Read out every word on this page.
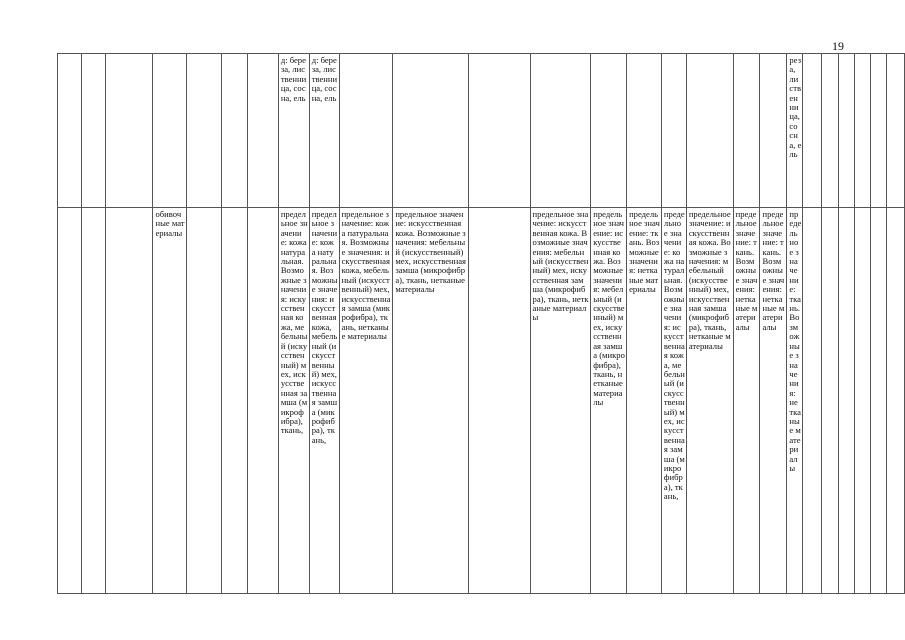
19
							д: береза, лиственница, сосна, ель	д: береза, лиственница, сосна, ель											реза, лиственница, сосна, ель						
			обивочные материалы				предельное значение: кожа натуральная. Возможные значения: искусственная кожа, мебельный (искусственный) мех, искусственная замша (микрофибра), ткань,	предельное значение: кожа натуральная. Возможные значения: искусственная кожа, мебельный (искусственный) мех, искусственная замша (микрофибра), ткань,	предельное значение: кожа патуральная. Возможные значения: искусственная кожа, мебельный (искусственный) мех, искусственная замша (микрофибра), ткань, нетканые материалы	предельное значение: искусственная кожа. Возможные значения: мебельный (искусственный) мех, искусственная замша (микрофибра), ткань, нетканые материалы		предельное значение: искусственная кожа. Возможные значения: мебельный (искусственный) мех, искусственная замша (микрофибра), ткань, нетканые материалы	предельное значение: искусственная кожа. Возможные значения: мебельный (искусственный) мех, искусственная замша (микрофибра), ткань, нетканые материалы	предельное значение: ткань. Возможные значения: нетканые материалы	предельное значение: кожа натуральная. Возможные значения: искусственная кожа, мебельный (искусственный) мех, искусственная замша (микрофибра), ткань,	предельное значение: искусственная кожа. Возможные значения: мебельный (искусственный) мех, искусственная замша (микрофибра), ткань, нетканые материалы	предельное значение: ткань. Возможные значения: нетканые материалы	предельное значение: ткань. Возможные значения: нетканые материалы	предельное значение: ткань. Возможные значения: нетканые материалы						
